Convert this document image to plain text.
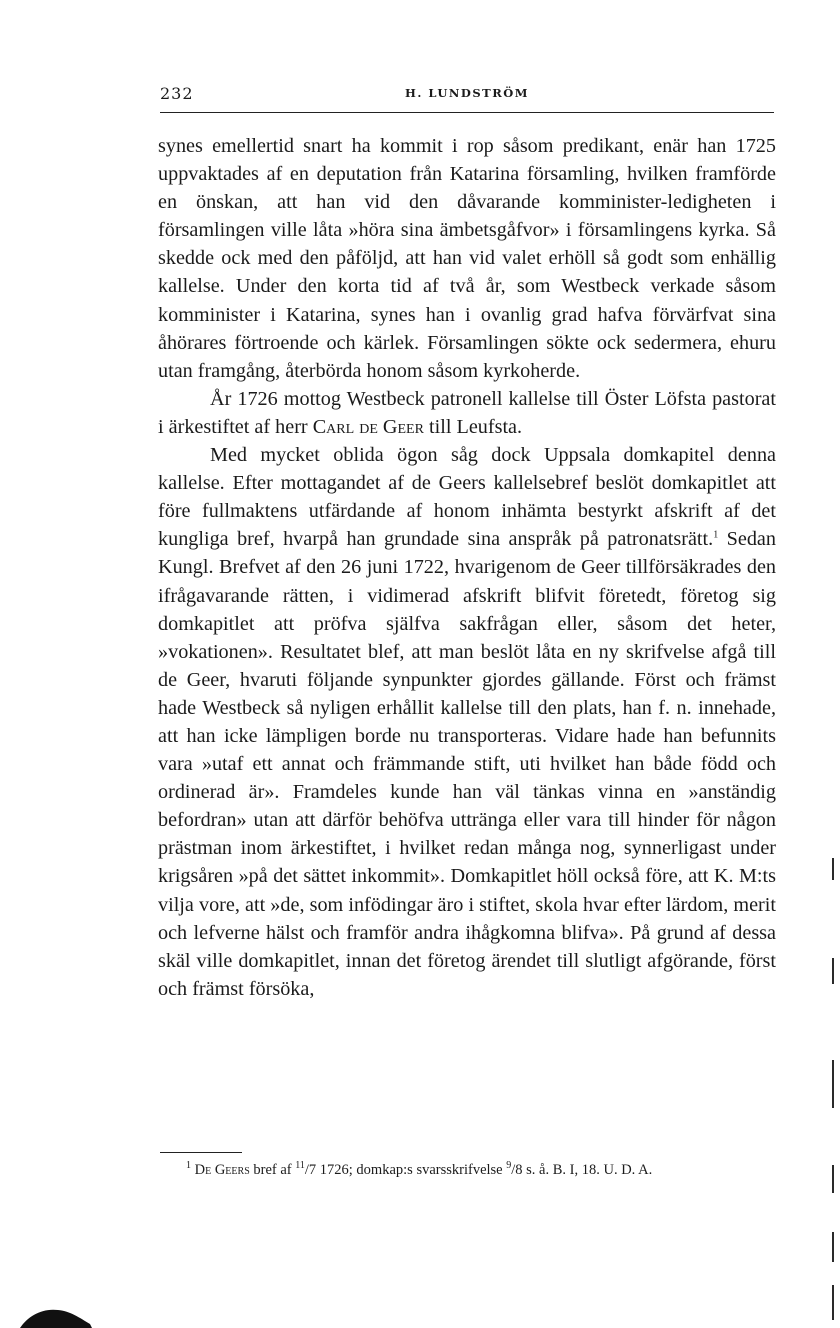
232	H. LUNDSTRÖM

synes emellertid snart ha kommit i rop såsom predikant, enär han 1725 uppvaktades af en deputation från Katarina församling, hvilken framförde en önskan, att han vid den dåvarande komminister-ledigheten i församlingen ville låta »höra sina ämbetsgåfvor» i församlingens kyrka. Så skedde ock med den påföljd, att han vid valet erhöll så godt som enhällig kallelse. Under den korta tid af två år, som Westbeck verkade såsom komminister i Katarina, synes han i ovanlig grad hafva förvärfvat sina åhörares förtroende och kärlek. Församlingen sökte ock sedermera, ehuru utan framgång, återbörda honom såsom kyrkoherde.

År 1726 mottog Westbeck patronell kallelse till Öster Löfsta pastorat i ärkestiftet af herr Carl de Geer till Leufsta.

Med mycket oblida ögon såg dock Uppsala domkapitel denna kallelse. Efter mottagandet af de Geers kallelsebref beslöt domkapitlet att före fullmaktens utfärdande af honom inhämta bestyrkt afskrift af det kungliga bref, hvarpå han grundade sina anspråk på patronatsrätt.$^1$ Sedan Kungl. Brefvet af den 26 juni 1722, hvarigenom de Geer tillförsäkrades den ifrågavarande rätten, i vidimerad afskrift blifvit företedt, företog sig domkapitlet att pröfva själfva sakfrågan eller, såsom det heter, »vokationen». Resultatet blef, att man beslöt låta en ny skrifvelse afgå till de Geer, hvaruti följande synpunkter gjordes gällande. Först och främst hade Westbeck så nyligen erhållit kallelse till den plats, han f. n. innehade, att han icke lämpligen borde nu transporteras. Vidare hade han befunnits vara »utaf ett annat och främmande stift, uti hvilket han både född och ordinerad är». Framdeles kunde han väl tänkas vinna en »anständig befordran» utan att därför behöfva uttränga eller vara till hinder för någon prästman inom ärkestiftet, i hvilket redan många nog, synnerligast under krigsåren »på det sättet inkommit». Domkapitlet höll också före, att K. M:ts vilja vore, att »de, som infödingar äro i stiftet, skola hvar efter lärdom, merit och lefverne hälst och framför andra ihågkomna blifva». På grund af dessa skäl ville domkapitlet, innan det företog ärendet till slutligt afgörande, först och främst försöka,

$^1$ De Geers bref af $^{11}$/7 1726; domkap:s svarsskrifvelse $^9$/8 s. å. B. I, 18. U. D. A.
